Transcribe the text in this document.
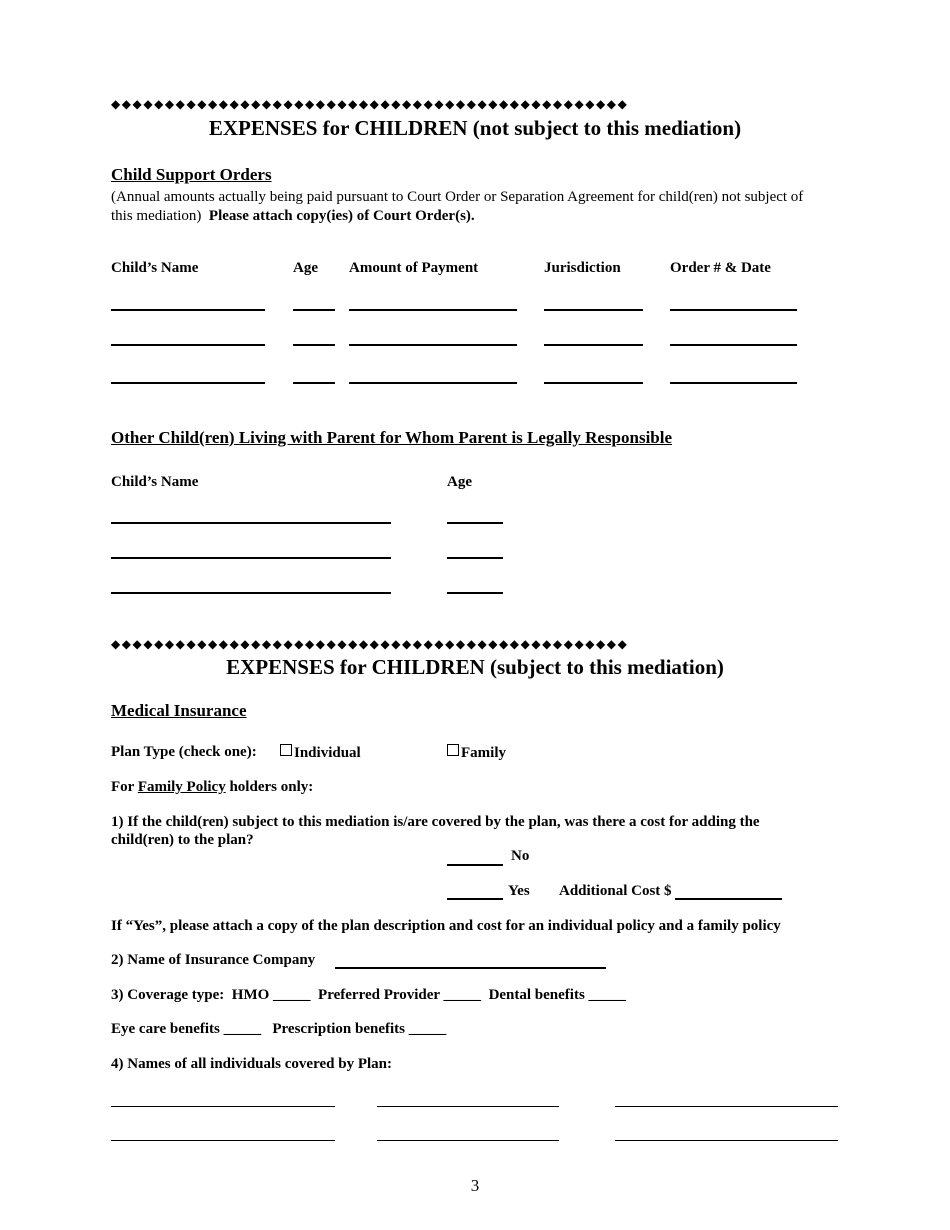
◆◆◆◆◆◆◆◆◆◆◆◆◆◆◆◆◆◆◆◆◆◆◆◆◆◆◆◆◆◆◆◆◆◆◆◆◆◆◆◆◆◆◆◆◆◆◆◆
EXPENSES for CHILDREN (not subject to this mediation)
Child Support Orders
(Annual amounts actually being paid pursuant to Court Order or Separation Agreement for child(ren) not subject of
this mediation) Please attach copy(ies) of Court Order(s).
Child’s Name	Age Amount of Payment	Jurisdiction	Order # & Date
Other Child(ren) Living with Parent for Whom Parent is Legally Responsible
Child’s Name	Age
◆◆◆◆◆◆◆◆◆◆◆◆◆◆◆◆◆◆◆◆◆◆◆◆◆◆◆◆◆◆◆◆◆◆◆◆◆◆◆◆◆◆◆◆◆◆◆◆
EXPENSES for CHILDREN (subject to this mediation)
Medical Insurance
Plan Type (check one):	Individual	Family
For Family Policy holders only:
1) If the child(ren) subject to this mediation is/are covered by the plan, was there a cost for adding the child(ren) to the plan?
No
Yes Additional Cost $
If “Yes”, please attach a copy of the plan description and cost for an individual policy and a family policy
2) Name of Insurance Company
3) Coverage type: HMO _____ Preferred Provider _____ Dental benefits _____
Eye care benefits _____ Prescription benefits _____
4) Names of all individuals covered by Plan:
3
